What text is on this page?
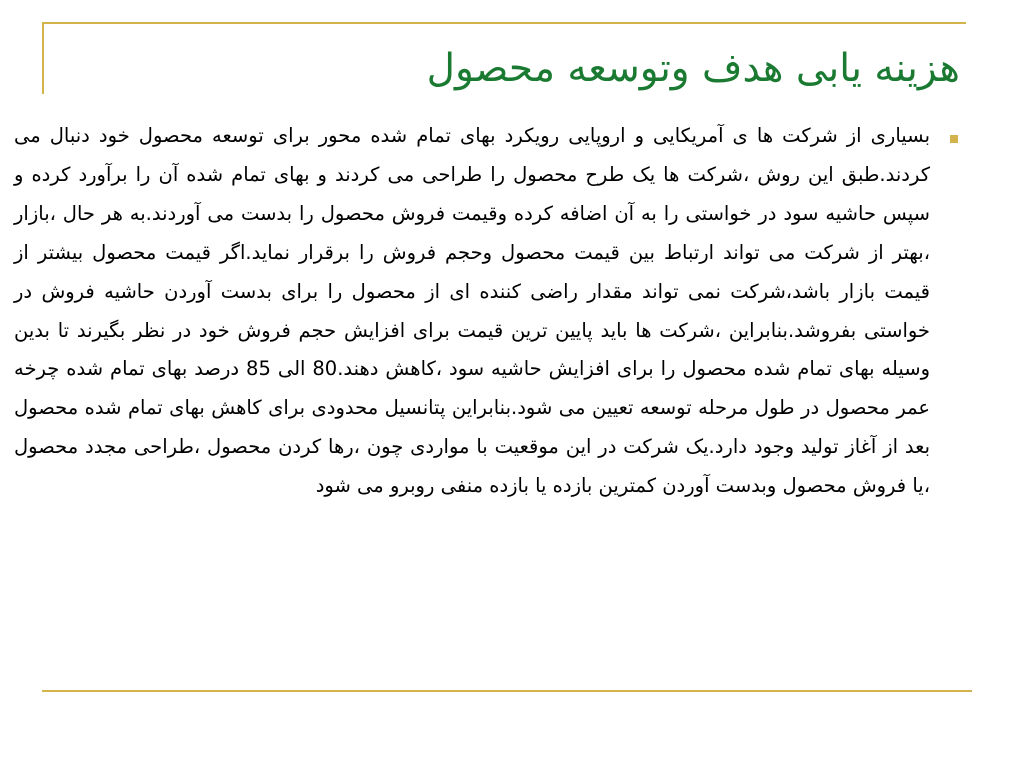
هزینه یابی هدف وتوسعه محصول
بسیاری از شرکت ها ی آمریکایی و اروپایی رویکرد بهای تمام شده محور برای توسعه محصول خود دنبال می کردند.طبق این روش ،شرکت ها یک طرح محصول را طراحی می کردند و بهای تمام شده آن را برآورد کرده و سپس حاشیه سود در خواستی را به آن اضافه کرده وقیمت فروش محصول را بدست می آوردند.به هر حال ،بازار ،بهتر از شرکت می تواند ارتباط بین قیمت محصول وحجم فروش را برقرار نماید.اگر قیمت محصول بیشتر از قیمت بازار باشد،شرکت نمی تواند مقدار راضی کننده ای از محصول را برای بدست آوردن حاشیه فروش در خواستی بفروشد.بنابراین ،شرکت ها باید پایین ترین قیمت برای افزایش حجم فروش خود در نظر بگیرند تا بدین وسیله بهای تمام شده محصول را برای افزایش حاشیه سود ،کاهش دهند.80 الی 85 درصد بهای تمام شده چرخه عمر محصول در طول مرحله توسعه تعیین می شود.بنابراین پتانسیل محدودی برای کاهش بهای تمام شده محصول بعد از آغاز تولید وجود دارد.یک شرکت در این موقعیت با مواردی چون ،رها کردن محصول ،طراحی مجدد محصول ،یا فروش محصول وبدست آوردن کمترین بازده یا بازده منفی روبرو می شود
